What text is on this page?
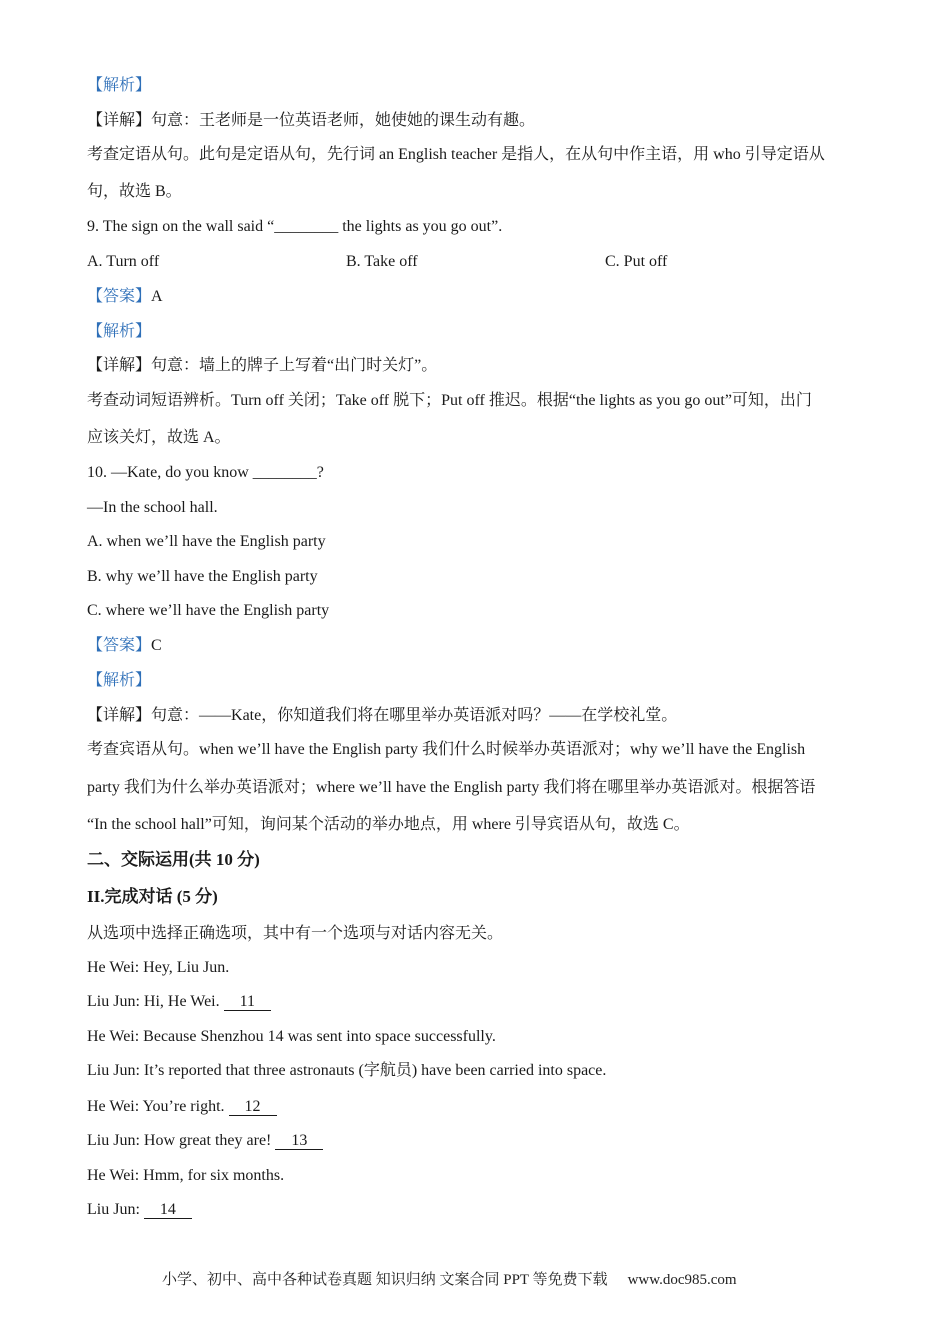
【解析】
【详解】句意：王老师是一位英语老师，她使她的课生动有趣。
考查定语从句。此句是定语从句，先行词 an English teacher 是指人，在从句中作主语，用 who 引导定语从
句，故选 B。
9. The sign on the wall said “________ the lights as you go out”.
A. Turn off	B. Take off	C. Put off
【答案】A
【解析】
【详解】句意：墙上的牌子上写着“出门时关灯”。
考查动词短语辨析。Turn off 关闭；Take off 脱下；Put off 推迟。根据“the lights as you go out”可知，出门
应该关灯，故选 A。
10. —Kate, do you know ________?
—In the school hall.
A. when we’ll have the English party
B. why we’ll have the English party
C. where we’ll have the English party
【答案】C
【解析】
【详解】句意：——Kate，你知道我们将在哪里举办英语派对吗？——在学校礼堂。
考查宾语从句。when we’ll have the English party 我们什么时候举办英语派对；why we’ll have the English
party 我们为什么举办英语派对；where we’ll have the English party 我们将在哪里举办英语派对。根据答语
“In the school hall”可知，询问某个活动的举办地点，用 where 引导宾语从句，故选 C。
二、交际运用(共 10 分)
II.完成对话 (5 分)
从选项中选择正确选项，其中有一个选项与对话内容无关。
He Wei: Hey, Liu Jun.
Liu Jun: Hi, He Wei. 11
He Wei: Because Shenzhou 14 was sent into space successfully.
Liu Jun: It’s reported that three astronauts (字航员) have been carried into space.
He Wei: You’re right. 12
Liu Jun: How great they are! 13
He Wei: Hmm, for six months.
Liu Jun: 14
小学、初中、高中各种试卷真题 知识归纳 文案合同 PPT 等免费下载 www.doc985.com
